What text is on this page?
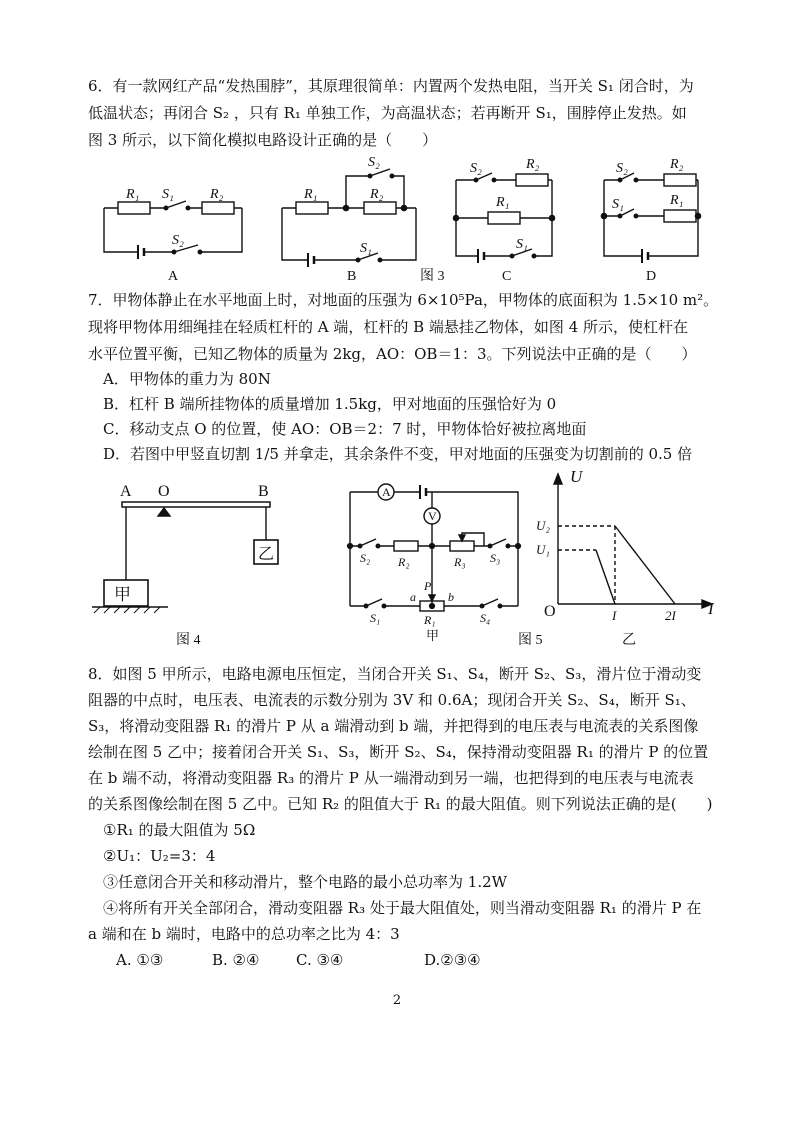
6．有一款网红产品“发热围脖”，其原理很简单：内置两个发热电阻，当开关 S₁ 闭合时，为
低温状态；再闭合 S₂ ，只有 R₁ 单独工作，为高温状态；若再断开 S₁，围脖停止发热。如
图 3 所示，以下简化模拟电路设计正确的是（　　）
R₁ S₁	R₂
S₂
A
R₁	R₂
S₂
S₁
B	图 3
S₂	R₂
R₁
S₁
C
S₂	R₂
S₁	R₁
D
7．甲物体静止在水平地面上时，对地面的压强为 6×10⁵Pa，甲物体的底面积为 1.5×10 m²。
现将甲物体用细绳挂在轻质杠杆的 A 端，杠杆的 B 端悬挂乙物体，如图 4 所示，使杠杆在
水平位置平衡，已知乙物体的质量为 2kg，AO：OB＝1：3。下列说法中正确的是（　　）
A．甲物体的重力为 80N
B．杠杆 B 端所挂物体的质量增加 1.5kg，甲对地面的压强恰好为 0
C．移动支点 O 的位置，使 AO：OB＝2：7 时，甲物体恰好被拉离地面
D．若图中甲竖直切割 1/5 并拿走，其余条件不变，甲对地面的压强变为切割前的 0.5 倍
A O	B
甲
乙
图 4
A
V
S₂ R₂	R₃ S₃
S₁	S₄
P
a	b
R₁
甲
U
I
O
U₂
U₁
I	2I
图 5	乙
8．如图 5 甲所示，电路电源电压恒定，当闭合开关 S₁、S₄，断开 S₂、S₃，滑片位于滑动变
阻器的中点时，电压表、电流表的示数分别为 3V 和 0.6A；现闭合开关 S₂、S₄，断开 S₁、
S₃，将滑动变阻器 R₁ 的滑片 P 从 a 端滑动到 b 端，并把得到的电压表与电流表的关系图像
绘制在图 5 乙中；接着闭合开关 S₁、S₃，断开 S₂、S₄，保持滑动变阻器 R₁ 的滑片 P 的位置
在 b 端不动，将滑动变阻器 R₃ 的滑片 P 从一端滑动到另一端，也把得到的电压表与电流表
的关系图像绘制在图 5 乙中。已知 R₂ 的阻值大于 R₁ 的最大阻值。则下列说法正确的是(　　)
①R₁ 的最大阻值为 5Ω
②U₁：U₂=3：4
③任意闭合开关和移动滑片，整个电路的最小总功率为 1.2W
④将所有开关全部闭合，滑动变阻器 R₃ 处于最大阻值处，则当滑动变阻器 R₁ 的滑片 P 在
a 端和在 b 端时，电路中的总功率之比为 4：3
A. ①③	B. ②④ C. ③④	D.②③④
2
